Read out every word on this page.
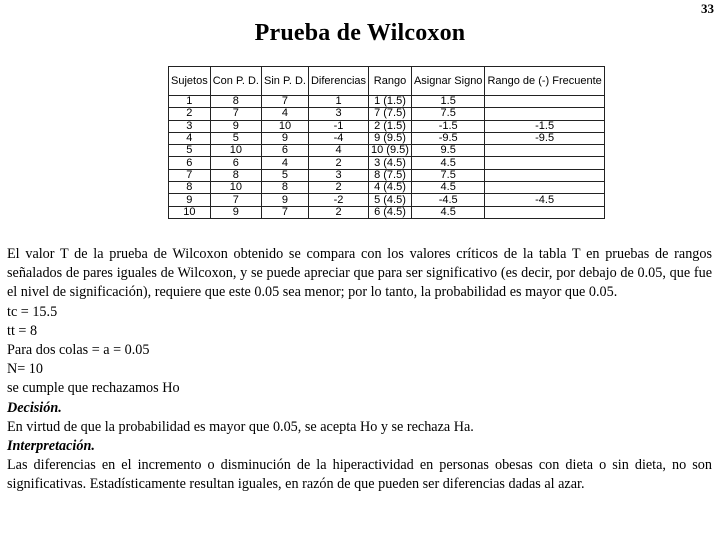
33
Prueba de Wilcoxon
Sujetos	Con P. D.	Sin P. D.	Diferencias	Rango	Asignar Signo	Rango de (-) Frecuente
1	8	7	1	1 (1.5)	1.5	
2	7	4	3	7 (7.5)	7.5	
3	9	10	-1	2 (1.5)	-1.5	-1.5
4	5	9	-4	9 (9.5)	-9.5	-9.5
5	10	6	4	10 (9.5)	9.5	
6	6	4	2	3 (4.5)	4.5	
7	8	5	3	8 (7.5)	7.5	
8	10	8	2	4 (4.5)	4.5	
9	7	9	-2	5 (4.5)	-4.5	-4.5
10	9	7	2	6 (4.5)	4.5	

El valor T de la prueba de Wilcoxon obtenido se compara con los valores críticos de la tabla T en pruebas de rangos señalados de pares iguales de Wilcoxon, y se puede apreciar que para ser significativo (es decir, por debajo de 0.05, que fue el nivel de significación), requiere que este 0.05 sea menor; por lo tanto, la probabilidad es mayor que 0.05.

tc = 15.5

tt = 8

Para dos colas = a = 0.05

N= 10

se cumple que rechazamos Ho

Decisión.

En virtud de que la probabilidad es mayor que 0.05, se acepta Ho y se rechaza Ha.

Interpretación.

Las diferencias en el incremento o disminución de la hiperactividad en personas obesas con dieta o sin dieta, no son significativas. Estadísticamente resultan iguales, en razón de que pueden ser diferencias dadas al azar.
